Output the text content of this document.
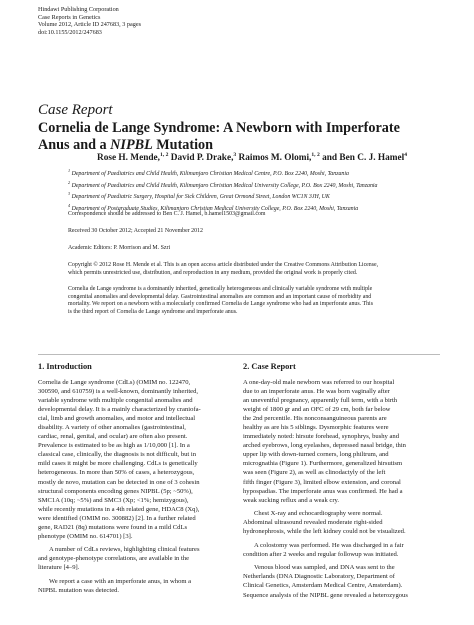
Hindawi Publishing Corporation
Case Reports in Genetics
Volume 2012, Article ID 247683, 3 pages
doi:10.1155/2012/247683
Case Report
Cornelia de Lange Syndrome: A Newborn with Imperforate
Anus and a NIPBL Mutation
Rose H. Mende,$^{1, 2}$ David P. Drake,$^3$ Raimos M. Olomi,$^{1, 2}$ and Ben C. J. Hamel$^4$
$^1$ Department of Paediatrics and Child Health, Kilimanjaro Christian Medical Centre, P.O. Box 2240, Moshi, Tanzania
$^2$ Department of Paediatrics and Child Health, Kilimanjaro Christian Medical University College, P.O. Box 2240, Moshi, Tanzania
$^3$ Department of Paediatric Surgery, Hospital for Sick Children, Great Ormond Street, London WC1N 3JH, UK
$^4$ Department of Postgraduate Studies, Kilimanjaro Christian Medical University College, P.O. Box 2240, Moshi, Tanzania
Correspondence should be addressed to Ben C. J. Hamel, b.hamel1503@gmail.com
Received 30 October 2012; Accepted 21 November 2012
Academic Editors: P. Morrison and M. Szri
Copyright © 2012 Rose H. Mende et al. This is an open access article distributed under the Creative Commons Attribution License,
which permits unrestricted use, distribution, and reproduction in any medium, provided the original work is properly cited.
Cornelia de Lange syndrome is a dominantly inherited, genetically heterogeneous and clinically variable syndrome with multiple
congenital anomalies and developmental delay. Gastrointestinal anomalies are common and an important cause of morbidity and
mortality. We report on a newborn with a molecularly confirmed Cornelia de Lange syndrome who had an imperforate anus. This
is the third report of Cornelia de Lange syndrome and imperforate anus.
1. Introduction	2. Case Report
Cornelia de Lange syndrome (CdLs) (OMIM no. 122470,
300590, and 610759) is a well-known, dominantly inherited,
variable syndrome with multiple congenital anomalies and
developmental delay. It is a mainly characterized by craniofa-
cial, limb and growth anomalies, and motor and intellectual
disability. A variety of other anomalies (gastrointestinal,
cardiac, renal, genital, and ocular) are often also present.
Prevalence is estimated to be as high as 1/10,000 [1]. In a
classical case, clinically, the diagnosis is not difficult, but in
mild cases it might be more challenging. CdLs is genetically
heterogeneous. In more than 50% of cases, a heterozygous,
mostly de novo, mutation can be detected in one of 3 cohesin
structural components encoding genes NIPBL (5p; ~50%),
SMC1A (10q; ~5%) and SMC3 (Xp; <1%; hemizygous),
while recently mutations in a 4th related gene, HDAC8 (Xq),
were identified (OMIM no. 300882) [2]. In a further related
gene, RAD21 (8q) mutations were found in a mild CdLs
phenotype (OMIM no. 614701) [3].
A number of CdLs reviews, highlighting clinical features
and genotype-phenotype correlations, are available in the
literature [4–9].
We report a case with an imperforate anus, in whom a
NIPBL mutation was detected.
A one-day-old male newborn was referred to our hospital
due to an imperforate anus. He was born vaginally after
an uneventful pregnancy, apparently full term, with a birth
weight of 1800 gr and an OFC of 29 cm, both far below
the 2nd percentile. His nonconsanguineous parents are
healthy as are his 5 siblings. Dysmorphic features were
immediately noted: hirsute forehead, synophrys, bushy and
arched eyebrows, long eyelashes, depressed nasal bridge, thin
upper lip with down-turned corners, long philtrum, and
micrognathia (Figure 1). Furthermore, generalized hirsutism
was seen (Figure 2), as well as clinodactyly of the left
fifth finger (Figure 3), limited elbow extension, and coronal
hypospadias. The imperforate anus was confirmed. He had a
weak sucking reflux and a weak cry.
Chest X-ray and echocardiography were normal.
Abdominal ultrasound revealed moderate right-sided
hydronephrosis, while the left kidney could not be visualized.
A colostomy was performed. He was discharged in a fair
condition after 2 weeks and regular followup was initiated.
Venous blood was sampled, and DNA was sent to the
Netherlands (DNA Diagnostic Laboratory, Department of
Clinical Genetics, Amsterdam Medical Centre, Amsterdam).
Sequence analysis of the NIPBL gene revealed a heterozygous
